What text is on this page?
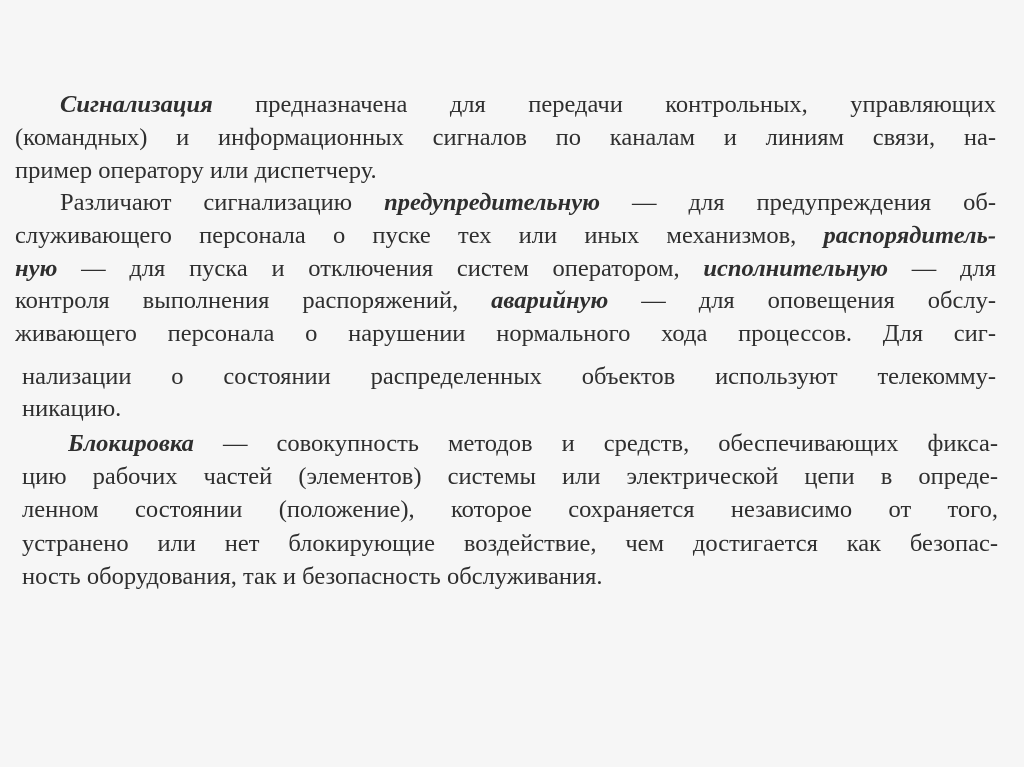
Сигнализация предназначена для передачи контрольных, управляющих
(командных) и информационных сигналов по каналам и линиям связи, на-
пример оператору или диспетчеру.
Различают сигнализацию предупредительную — для предупреждения об-
служивающего персонала о пуске тех или иных механизмов, распорядитель-
ную — для пуска и отключения систем оператором, исполнительную — для
контроля выполнения распоряжений, аварийную — для оповещения обслу-
живающего персонала о нарушении нормального хода процессов. Для сиг-
нализации о состоянии распределенных объектов используют телекомму-
никацию.
Блокировка — совокупность методов и средств, обеспечивающих фикса-
цию рабочих частей (элементов) системы или электрической цепи в опреде-
ленном состоянии (положение), которое сохраняется независимо от того,
устранено или нет блокирующие воздействие, чем достигается как безопас-
ность оборудования, так и безопасность обслуживания.
